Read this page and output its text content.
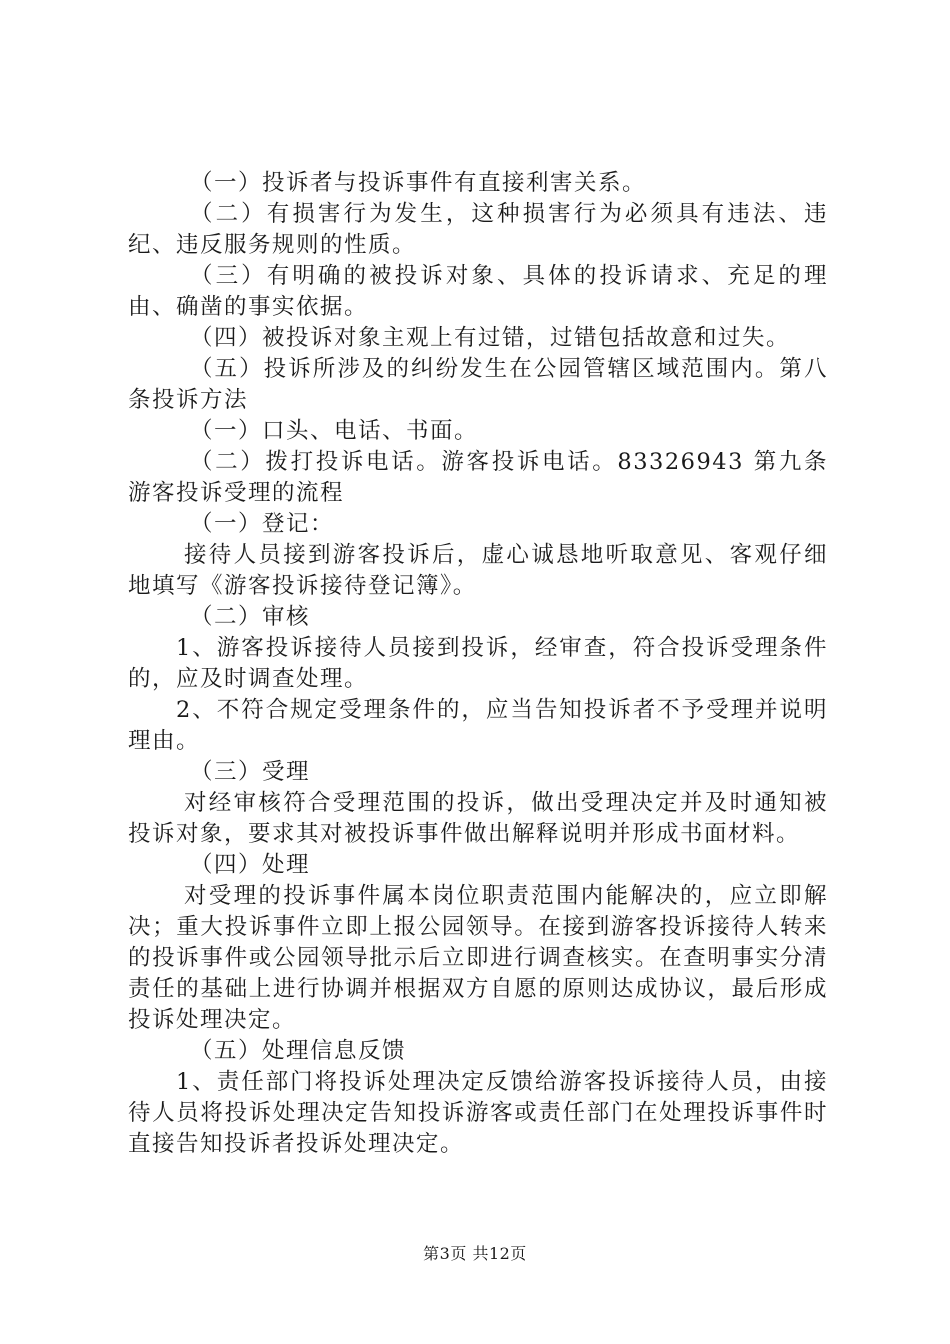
（一）投诉者与投诉事件有直接利害关系。

（二）有损害行为发生，这种损害行为必须具有违法、违纪、违反服务规则的性质。

（三）有明确的被投诉对象、具体的投诉请求、充足的理由、确凿的事实依据。

（四）被投诉对象主观上有过错，过错包括故意和过失。

（五）投诉所涉及的纠纷发生在公园管辖区域范围内。第八条投诉方法

（一）口头、电话、书面。

（二）拨打投诉电话。游客投诉电话。83326943 第九条游客投诉受理的流程

（一）登记：

接待人员接到游客投诉后，虚心诚恳地听取意见、客观仔细地填写《游客投诉接待登记簿》。

（二）审核

1、游客投诉接待人员接到投诉，经审查，符合投诉受理条件的，应及时调查处理。

2、不符合规定受理条件的，应当告知投诉者不予受理并说明理由。

（三）受理

对经审核符合受理范围的投诉，做出受理决定并及时通知被投诉对象，要求其对被投诉事件做出解释说明并形成书面材料。

（四）处理

对受理的投诉事件属本岗位职责范围内能解决的，应立即解决；重大投诉事件立即上报公园领导。在接到游客投诉接待人转来的投诉事件或公园领导批示后立即进行调查核实。在查明事实分清责任的基础上进行协调并根据双方自愿的原则达成协议，最后形成投诉处理决定。

（五）处理信息反馈

1、责任部门将投诉处理决定反馈给游客投诉接待人员，由接待人员将投诉处理决定告知投诉游客或责任部门在处理投诉事件时直接告知投诉者投诉处理决定。

第3页 共12页
